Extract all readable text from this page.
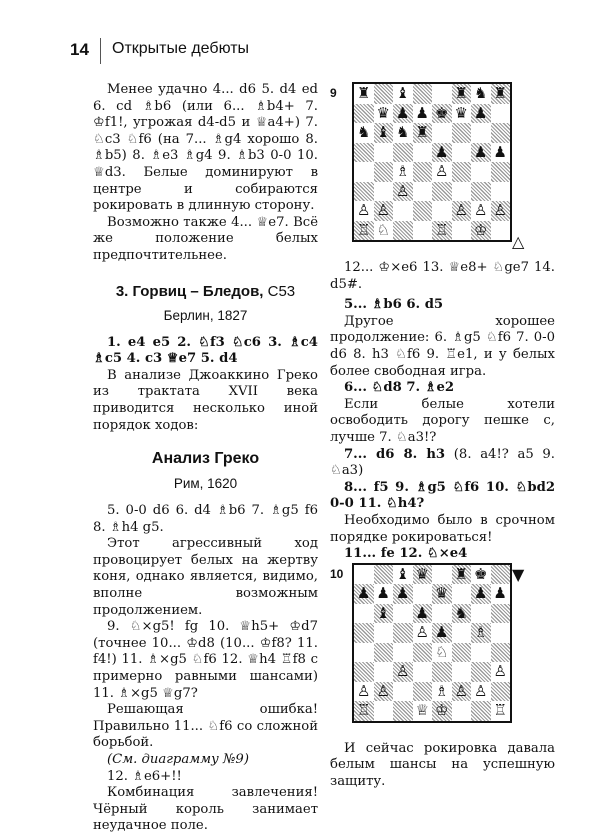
14 Открытые дебюты

Менее удачно 4... d6 5. d4 ed 6. cd ♗b6 (или 6... ♗b4+ 7. ♔f1!, угрожая d4-d5 и ♕a4+) 7. ♘c3 ♘f6 (на 7... ♗g4 хорошо 8. ♗b5) 8. ♗e3 ♗g4 9. ♗b3 0-0 10. ♕d3. Белые доминируют в центре и собираются рокировать в длинную сторону.

Возможно также 4... ♕e7. Всё же положение белых предпочтительнее.

3. Горвиц – Бледов, C53
Берлин, 1827

1. e4 e5 2. ♘f3 ♘c6 3. ♗c4 ♗c5 4. c3 ♕e7 5. d4

В анализе Джоаккино Греко из трактата XVII века приводится несколько иной порядок ходов:

Анализ Греко
Рим, 1620

5. 0-0 d6 6. d4 ♗b6 7. ♗g5 f6 8. ♗h4 g5.

Этот агрессивный ход провоцирует белых на жертву коня, однако является, видимо, вполне возможным продолжением.

9. ♘×g5! fg 10. ♕h5+ ♔d7 (точнее 10... ♔d8 (10... ♔f8? 11. f4!) 11. ♗×g5 ♘f6 12. ♕h4 ♖f8 с примерно равными шансами) 11. ♗×g5 ♕g7?

Решающая ошибка! Правильно 11... ♘f6 со сложной борьбой.

(См. диаграмму №9)

12. ♗e6+!!

Комбинация завлечения! Чёрный король занимает неудачное поле.

9 ♜ ♝	♜ ♞ ♜
♛ ♟ ♟ ♚ ♛ ♟
♞ ♝ ♞ ♜
♟ ♟ ♟
♗ ♙
♙
♙ ♙	♙ ♙ ♙
♖ ♘	♖ ♔
△

12... ♔×e6 13. ♕e8+ ♘ge7 14. d5#.

5... ♗b6 6. d5

Другое хорошее продолжение: 6. ♗g5 ♘f6 7. 0-0 d6 8. h3 ♘f6 9. ♖e1, и у белых более свободная игра.

6... ♘d8 7. ♗e2

Если белые хотели освободить дорогу пешке c, лучше 7. ♘a3!?

7... d6 8. h3 (8. a4!? a5 9. ♘a3)

8... f5 9. ♗g5 ♘f6 10. ♘bd2 0-0 11. ♘h4?

Необходимо было в срочном порядке рокироваться!

11... fe 12. ♘×e4

10	♝ ♛ ♜ ♚
♟ ♟ ♟ ♛ ♟ ♟
♝ ♟ ♞
♙ ♟ ♗
♘
♙	♙
♙ ♙	♗ ♙ ♙
♖	♕ ♔	♖
▼

И сейчас рокировка давала белым шансы на успешную защиту.
